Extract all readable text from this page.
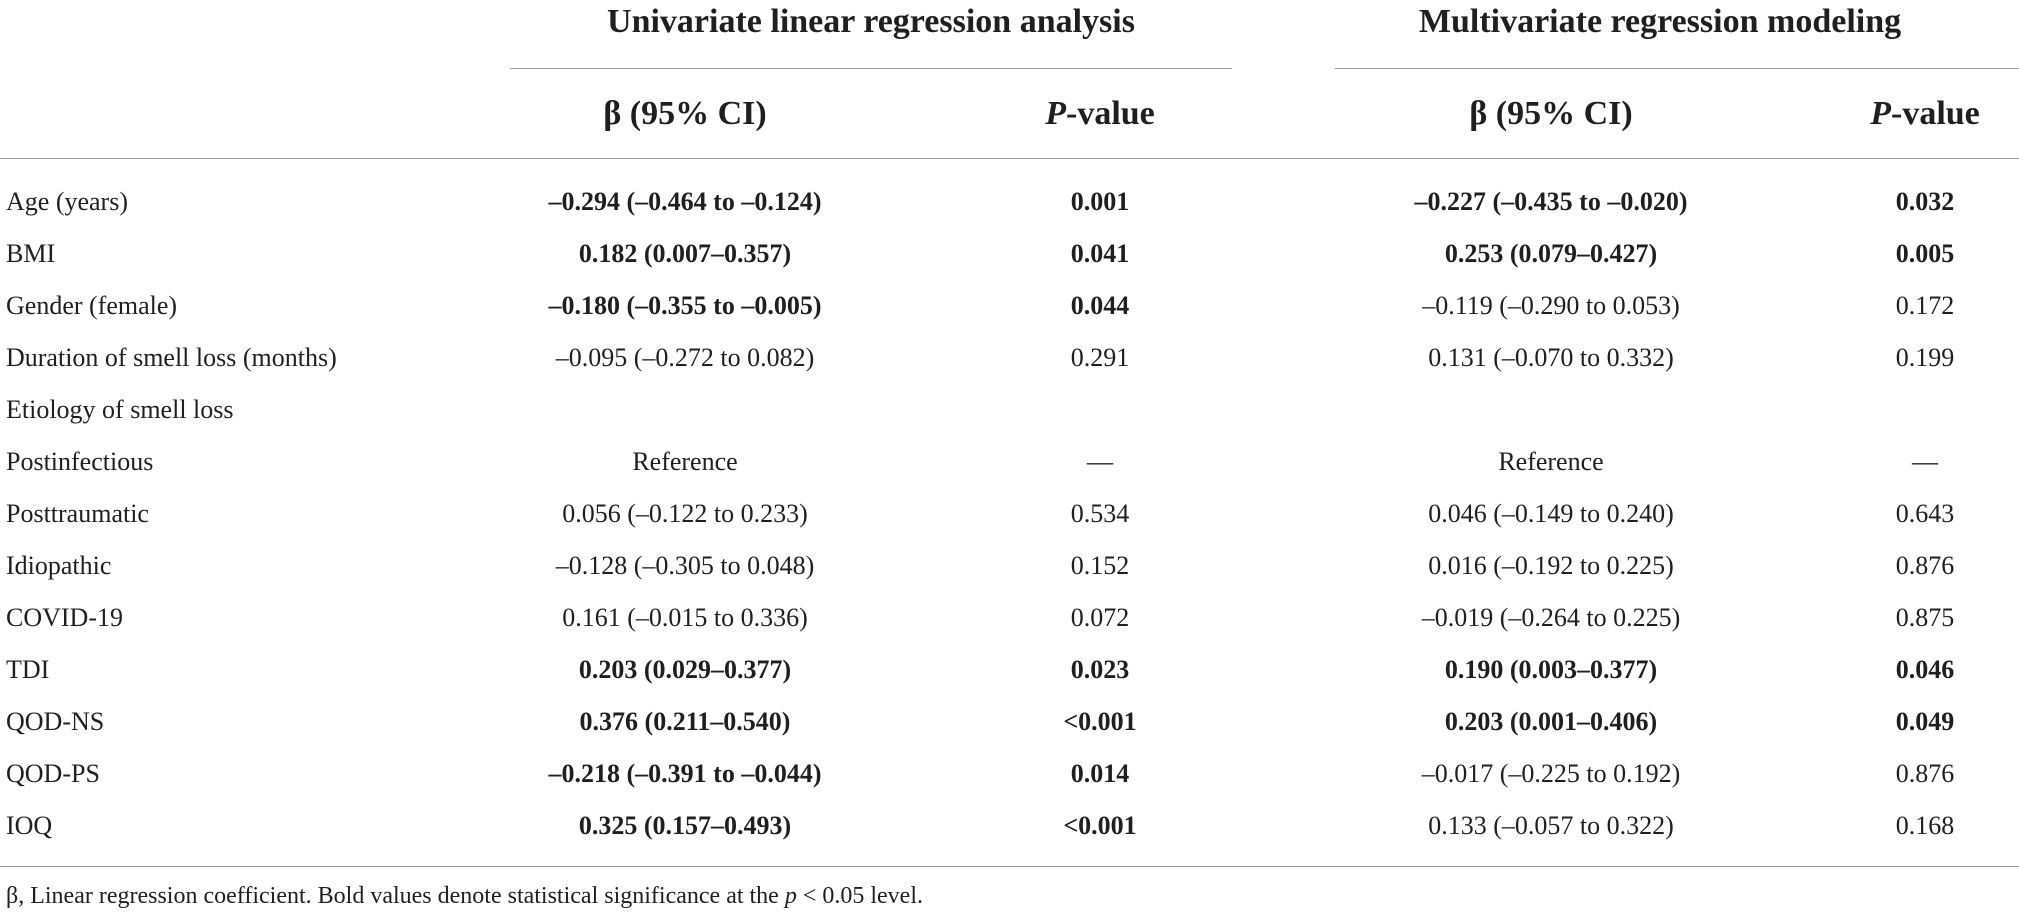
Univariate linear regression analysis	Multivariate regression modeling
β (95% CI)	P-value	β (95% CI)	P-value
Age (years)	–0.294 (–0.464 to –0.124)	0.001	–0.227 (–0.435 to –0.020)	0.032
BMI	0.182 (0.007–0.357)	0.041	0.253 (0.079–0.427)	0.005
Gender (female)	–0.180 (–0.355 to –0.005)	0.044	–0.119 (–0.290 to 0.053)	0.172
Duration of smell loss (months)	–0.095 (–0.272 to 0.082)	0.291	0.131 (–0.070 to 0.332)	0.199
Etiology of smell loss
Postinfectious	Reference	—	Reference	—
Posttraumatic	0.056 (–0.122 to 0.233)	0.534	0.046 (–0.149 to 0.240)	0.643
Idiopathic	–0.128 (–0.305 to 0.048)	0.152	0.016 (–0.192 to 0.225)	0.876
COVID-19	0.161 (–0.015 to 0.336)	0.072	–0.019 (–0.264 to 0.225)	0.875
TDI	0.203 (0.029–0.377)	0.023	0.190 (0.003–0.377)	0.046
QOD-NS	0.376 (0.211–0.540)	<0.001	0.203 (0.001–0.406)	0.049
QOD-PS	–0.218 (–0.391 to –0.044)	0.014	–0.017 (–0.225 to 0.192)	0.876
IOQ	0.325 (0.157–0.493)	<0.001	0.133 (–0.057 to 0.322)	0.168
β, Linear regression coefficient. Bold values denote statistical significance at the p < 0.05 level.
